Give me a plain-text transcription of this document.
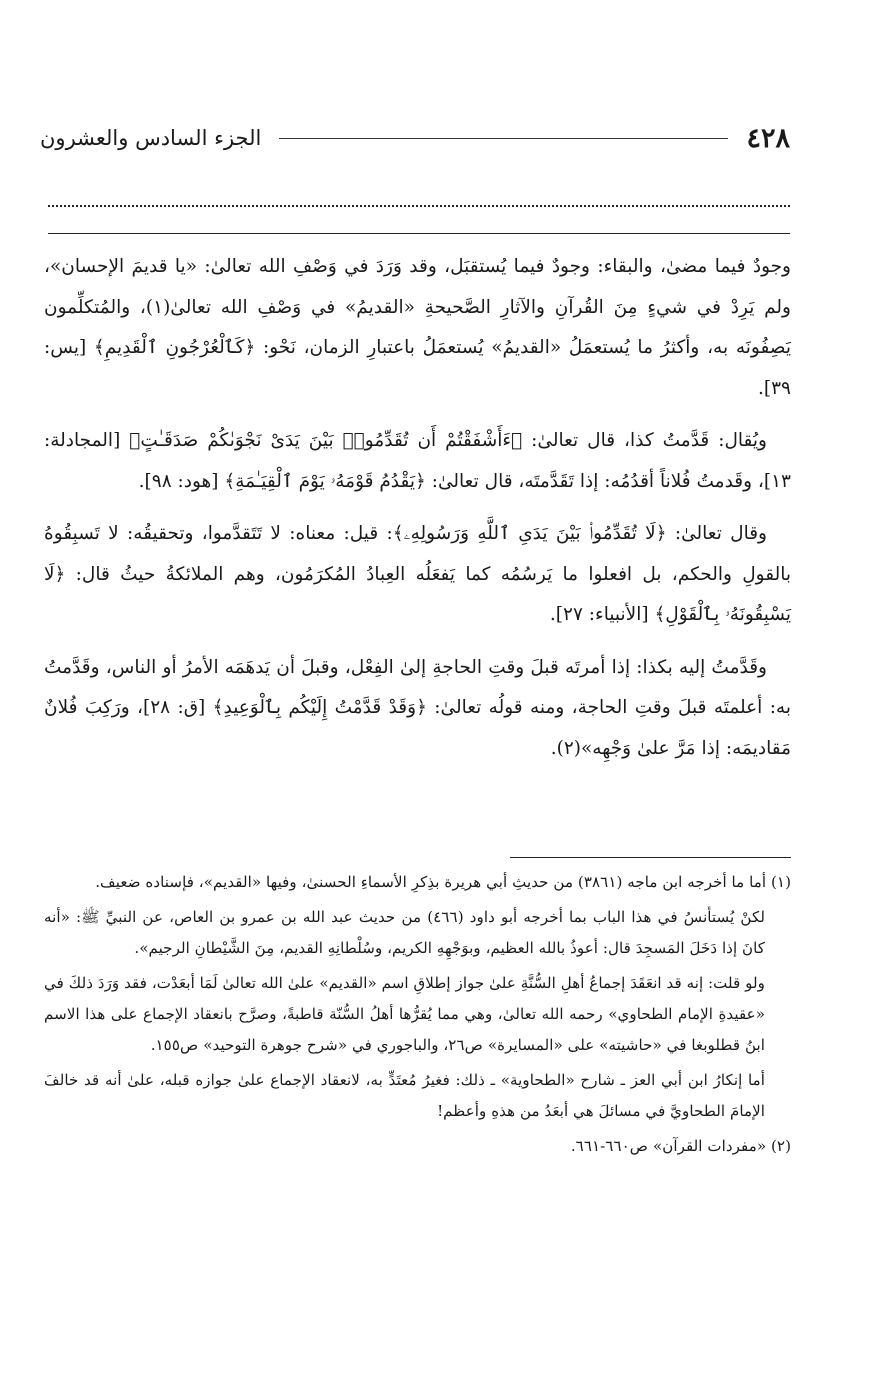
٤٢٨
الجزء السادس والعشرون

وجودٌ فيما مضىٰ، والبقاء: وجودٌ فيما يُستقبَل، وقد وَرَدَ في وَصْفِ الله تعالىٰ: «يا قديمَ الإحسان»، ولم يَرِدْ في شيءٍ مِنَ القُرآنِ والآثارِ الصَّحيحةِ «القديمُ» في وَصْفِ الله تعالىٰ(١)، والمُتكلِّمون يَصِفُونَه به، وأكثرُ ما يُستعمَلُ «القديمُ» يُستعمَلُ باعتبارِ الزمان، نَحْو: ﴿كَٱلْعُرْجُونِ ٱلْقَدِيمِ﴾ [يس: ٣٩].

ويُقال: قَدَّمتُ كذا، قال تعالىٰ: ﴿ءَأَشْفَقْتُمْ أَن تُقَدِّمُوا۟ بَيْنَ يَدَىْ نَجْوَىٰكُمْ صَدَقَـٰتٍ﴾ [المجادلة: ١٣]، وقَدمتُ فُلاناً أقدُمُه: إذا تَقَدَّمتَه، قال تعالىٰ: ﴿يَقْدُمُ قَوْمَهُۥ يَوْمَ ٱلْقِيَـٰمَةِ﴾ [هود: ٩٨].

وقال تعالىٰ: ﴿لَا تُقَدِّمُوا۟ بَيْنَ يَدَىِ ٱللَّهِ وَرَسُولِهِۦ﴾: قيل: معناه: لا تَتَقدَّموا، وتحقيقُه: لا تَسبِقُوهُ بالقولِ والحكم، بل افعلوا ما يَرسُمُه كما يَفعَلُه العِبادُ المُكرَمُون، وهم الملائكةُ حيثُ قال: ﴿لَا يَسْبِقُونَهُۥ بِٱلْقَوْلِ﴾ [الأنبياء: ٢٧].

وقَدَّمتُ إليه بكذا: إذا أمرتَه قبلَ وقتِ الحاجةِ إلىٰ الفِعْل، وقبلَ أن يَدهَمَه الأمرُ أو الناس، وقَدَّمتُ به: أعلمتَه قبلَ وقتِ الحاجة، ومنه قولُه تعالىٰ: ﴿وَقَدْ قَدَّمْتُ إِلَيْكُم بِٱلْوَعِيدِ﴾ [ق: ٢٨]، ورَكِبَ فُلانٌ مَقاديمَه: إذا مَرَّ علىٰ وَجْهِه»(٢).

(١) أما ما أخرجه ابن ماجه (٣٨٦١) من حديثِ أبي هريرة بذِكرِ الأسماءِ الحسنىٰ، وفيها «القديم»، فإسناده ضعيف.

لكنْ يُستأنسُ في هذا الباب بما أخرجه أبو داود (٤٦٦) من حديث عبد الله بن عمرو بن العاص، عن النبيِّ ﷺ: «أنه كانَ إذا دَخَلَ المَسجِدَ قال: أعوذُ بالله العظيم، وبوَجْهِهِ الكريم، وسُلْطانِهِ القديم، مِنَ الشَّيْطانِ الرجيم».

ولو قلت: إنه قد انعَقَدَ إجماعُ أهلِ السُّنَّةِ علىٰ جواز إطلاقِ اسم «القديم» علىٰ الله تعالىٰ لَمَا أبعَدْت، فقد وَرَدَ ذلكَ في «عقيدةِ الإمام الطحاوي» رحمه الله تعالىٰ، وهي مما يُقرُّها أهلُ السُّنّة قاطبةً، وصرَّح بانعقاد الإجماع على هذا الاسم ابنُ قطلوبغا في «حاشيته» على «المسايرة» ص٢٦، والباجوري في «شرح جوهرة التوحيد» ص١٥٥.

أما إنكارُ ابن أبي العز ـ شارح «الطحاوية» ـ ذلك: فغيرُ مُعتَدٍّ به، لانعقاد الإجماع علىٰ جوازه قبله، علىٰ أنه قد خالفَ الإمامَ الطحاويَّ في مسائلَ هي أبعَدُ من هذهِ وأعظم!

(٢) «مفردات القرآن» ص٦٦٠-٦٦١.
